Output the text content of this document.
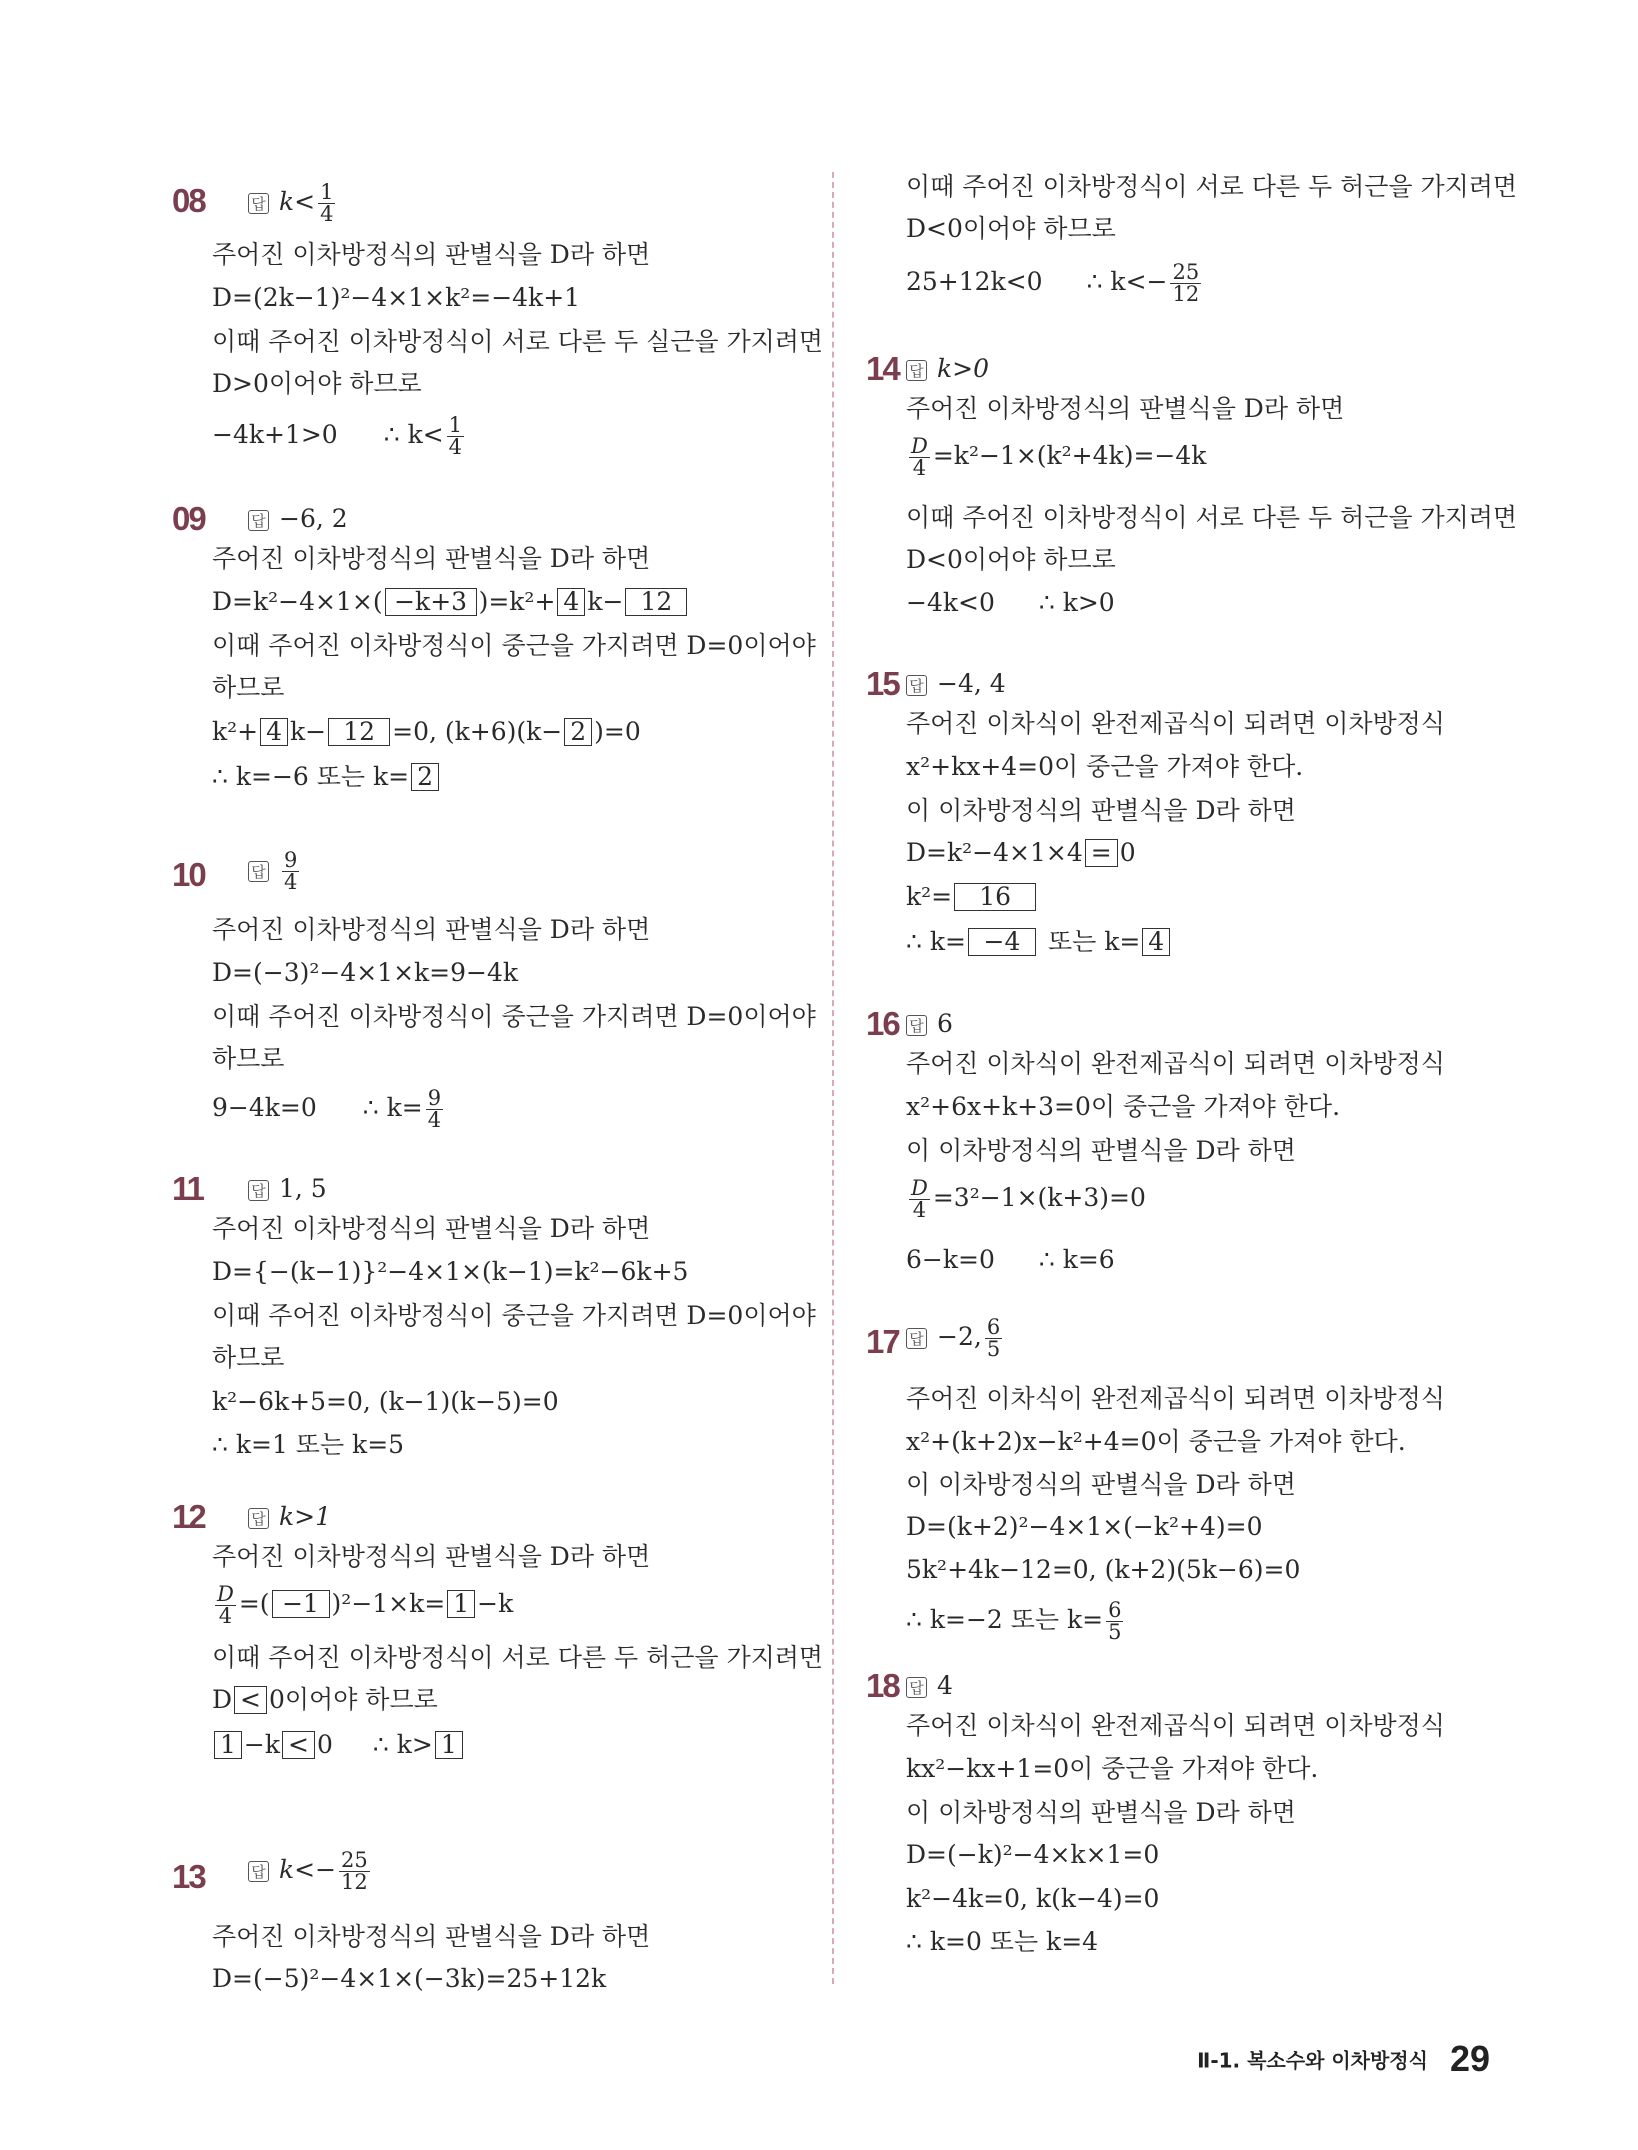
08	답 $k< \frac{1}{4}$
주어진 이차방정식의 판별식을 D라 하면
D=(2k−1)²−4×1×k²=−4k+1
이때 주어진 이차방정식이 서로 다른 두 실근을 가지려면
D>0이어야 하므로
−4k+1>0 ∴ $k< \frac{1}{4}$
09	답 −6, 2
주어진 이차방정식의 판별식을 D라 하면
D=k²−4×1×( −k+3 )=k²+ 4 k− 12
이때 주어진 이차방정식이 중근을 가지려면 D=0이어야
하므로
k²+ 4 k− 12 =0, (k+6)(k− 2 )=0
∴ k=−6 또는 k= 2
10	답 $\frac{9}{4}$
주어진 이차방정식의 판별식을 D라 하면
D=(−3)²−4×1×k=9−4k
이때 주어진 이차방정식이 중근을 가지려면 D=0이어야
하므로
9−4k=0 ∴ $k= \frac{9}{4}$
11	답 1, 5
주어진 이차방정식의 판별식을 D라 하면
D={−(k−1)}²−4×1×(k−1)=k²−6k+5
이때 주어진 이차방정식이 중근을 가지려면 D=0이어야
하므로
k²−6k+5=0, (k−1)(k−5)=0
∴ k=1 또는 k=5
12	답 k>1
주어진 이차방정식의 판별식을 D라 하면
$\frac{D}{4}$ =( −1 )²−1×k= 1 −k
이때 주어진 이차방정식이 서로 다른 두 허근을 가지려면
D < 0이어야 하므로
1 −k < 0 ∴ k> 1
13	답 $k<- \frac{25}{12}$
주어진 이차방정식의 판별식을 D라 하면
D=(−5)²−4×1×(−3k)=25+12k
이때 주어진 이차방정식이 서로 다른 두 허근을 가지려면
D<0이어야 하므로
25+12k<0 ∴ $k<- \frac{25}{12}$
14 답 k>0
주어진 이차방정식의 판별식을 D라 하면
$\frac{D}{4} =k^2-1\times(k^2+4k)=-4k$
이때 주어진 이차방정식이 서로 다른 두 허근을 가지려면
D<0이어야 하므로
−4k<0 ∴ k>0
15 답 −4, 4
주어진 이차식이 완전제곱식이 되려면 이차방정식
x²+kx+4=0이 중근을 가져야 한다.
이 이차방정식의 판별식을 D라 하면
D=k²−4×1×4 = 0
k²= 16
∴ k= −4 또는 k= 4
16 답 6
주어진 이차식이 완전제곱식이 되려면 이차방정식
x²+6x+k+3=0이 중근을 가져야 한다.
이 이차방정식의 판별식을 D라 하면
$\frac{D}{4} =3^2-1\times(k+3)=0$
6−k=0 ∴ k=6
17 답 −2, $\frac{6}{5}$
주어진 이차식이 완전제곱식이 되려면 이차방정식
x²+(k+2)x−k²+4=0이 중근을 가져야 한다.
이 이차방정식의 판별식을 D라 하면
D=(k+2)²−4×1×(−k²+4)=0
5k²+4k−12=0, (k+2)(5k−6)=0
∴ k=−2 또는 $k= \frac{6}{5}$
18 답 4
주어진 이차식이 완전제곱식이 되려면 이차방정식
kx²−kx+1=0이 중근을 가져야 한다.
이 이차방정식의 판별식을 D라 하면
D=(−k)²−4×k×1=0
k²−4k=0, k(k−4)=0
∴ k=0 또는 k=4
Ⅱ-1. 복소수와 이차방정식 29
